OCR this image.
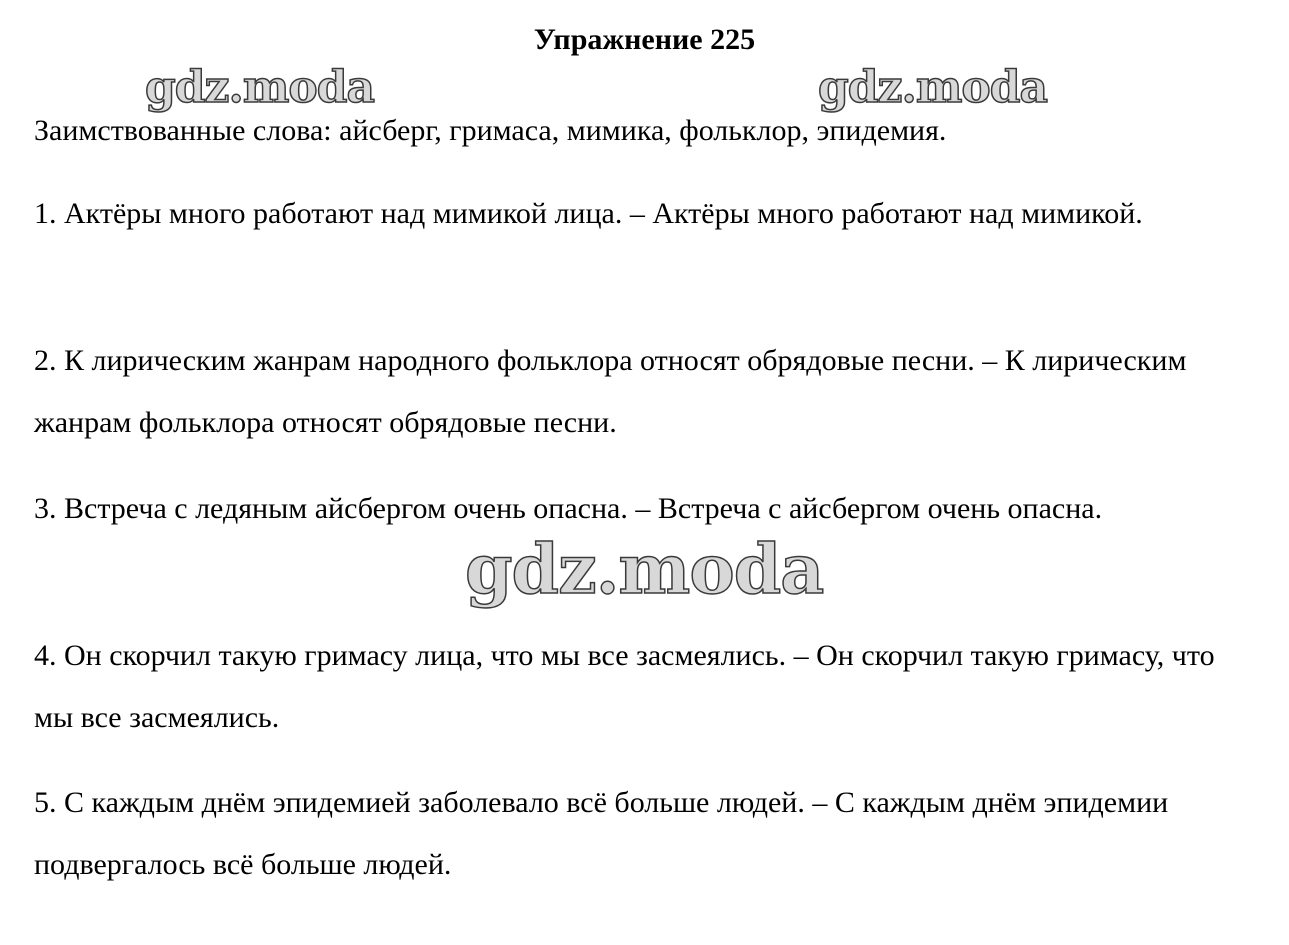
Упражнение 225
gdz.moda	gdz.moda
Заимствованные слова: айсберг, гримаса, мимика, фольклор, эпидемия.
1. Актёры много работают над мимикой лица. – Актёры много работают над мимикой.
2. К лирическим жанрам народного фольклора относят обрядовые песни. – К лирическим жанрам фольклора относят обрядовые песни.
3. Встреча с ледяным айсбергом очень опасна. – Встреча с айсбергом очень опасна.
4. Он скорчил такую гримасу лица, что мы все засмеялись. – Он скорчил такую гримасу, что мы все засмеялись.
5. С каждым днём эпидемией заболевало всё больше людей. – С каждым днём эпидемии подвергалось всё больше людей.
gdz.moda
